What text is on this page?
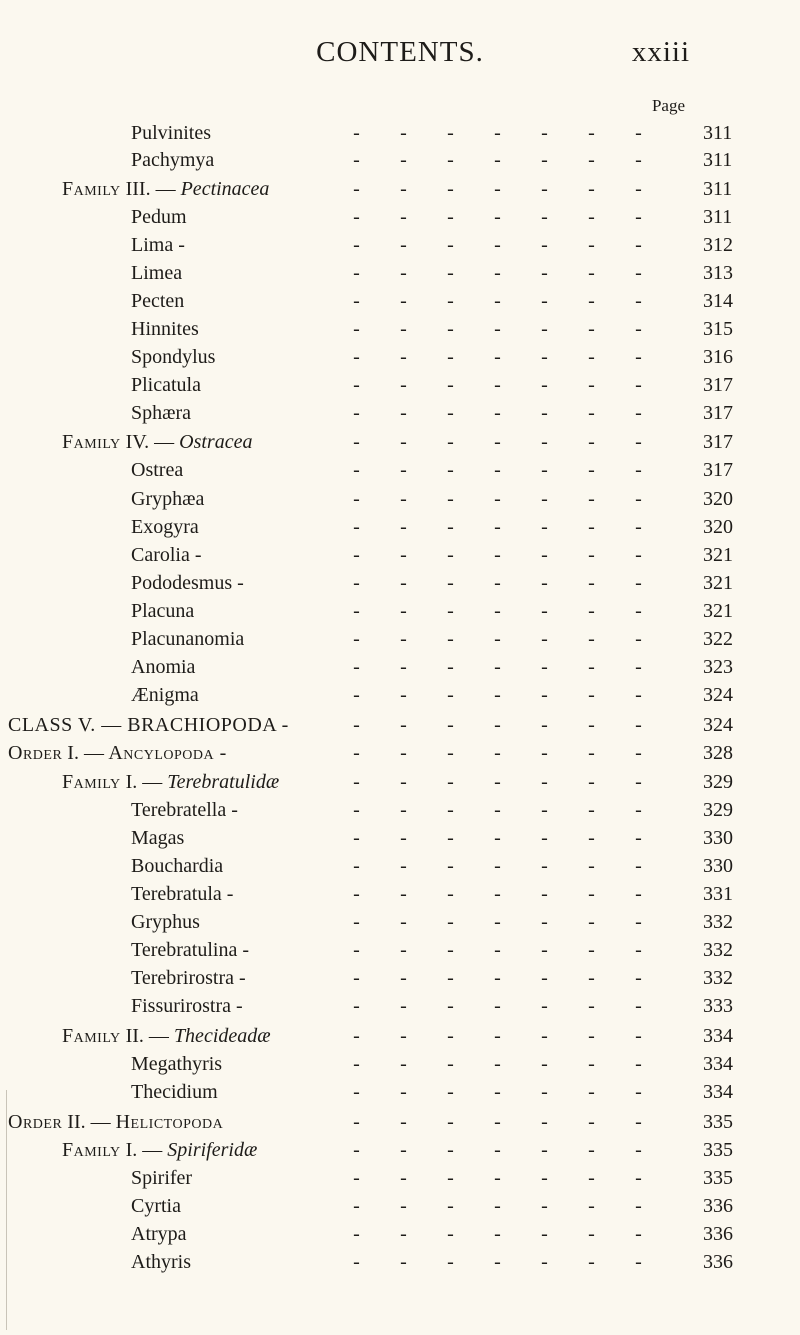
CONTENTS.	xxiii
Page
Pulvinites	- - - - - - -	311
Pachymya	- - - - - - -	311
Family III. — Pectinacea	- - - - - - -	311
Pedum	- - - - - - -	311
Lima -	- - - - - - -	312
Limea	- - - - - - -	313
Pecten	- - - - - - -	314
Hinnites	- - - - - - -	315
Spondylus	- - - - - - -	316
Plicatula	- - - - - - -	317
Sphæra	- - - - - - -	317
Family IV. — Ostracea	- - - - - - -	317
Ostrea	- - - - - - -	317
Gryphæa	- - - - - - -	320
Exogyra	- - - - - - -	320
Carolia -	- - - - - - -	321
Pododesmus -	- - - - - - -	321
Placuna	- - - - - - -	321
Placunanomia	- - - - - - -	322
Anomia	- - - - - - -	323
Ænigma	- - - - - - -	324
CLASS V. — BRACHIOPODA -	- - - - - - -	324
Order I. — Ancylopoda -	- - - - - - -	328
Family I. — Terebratulidæ	- - - - - - -	329
Terebratella -	- - - - - - -	329
Magas	- - - - - - -	330
Bouchardia	- - - - - - -	330
Terebratula -	- - - - - - -	331
Gryphus	- - - - - - -	332
Terebratulina -	- - - - - - -	332
Terebrirostra -	- - - - - - -	332
Fissurirostra -	- - - - - - -	333
Family II. — Thecideadæ	- - - - - - -	334
Megathyris	- - - - - - -	334
Thecidium	- - - - - - -	334
Order II. — Helictopoda	- - - - - - -	335
Family I. — Spiriferidæ	- - - - - - -	335
Spirifer	- - - - - - -	335
Cyrtia	- - - - - - -	336
Atrypa	- - - - - - -	336
Athyris	- - - - - - -	336
